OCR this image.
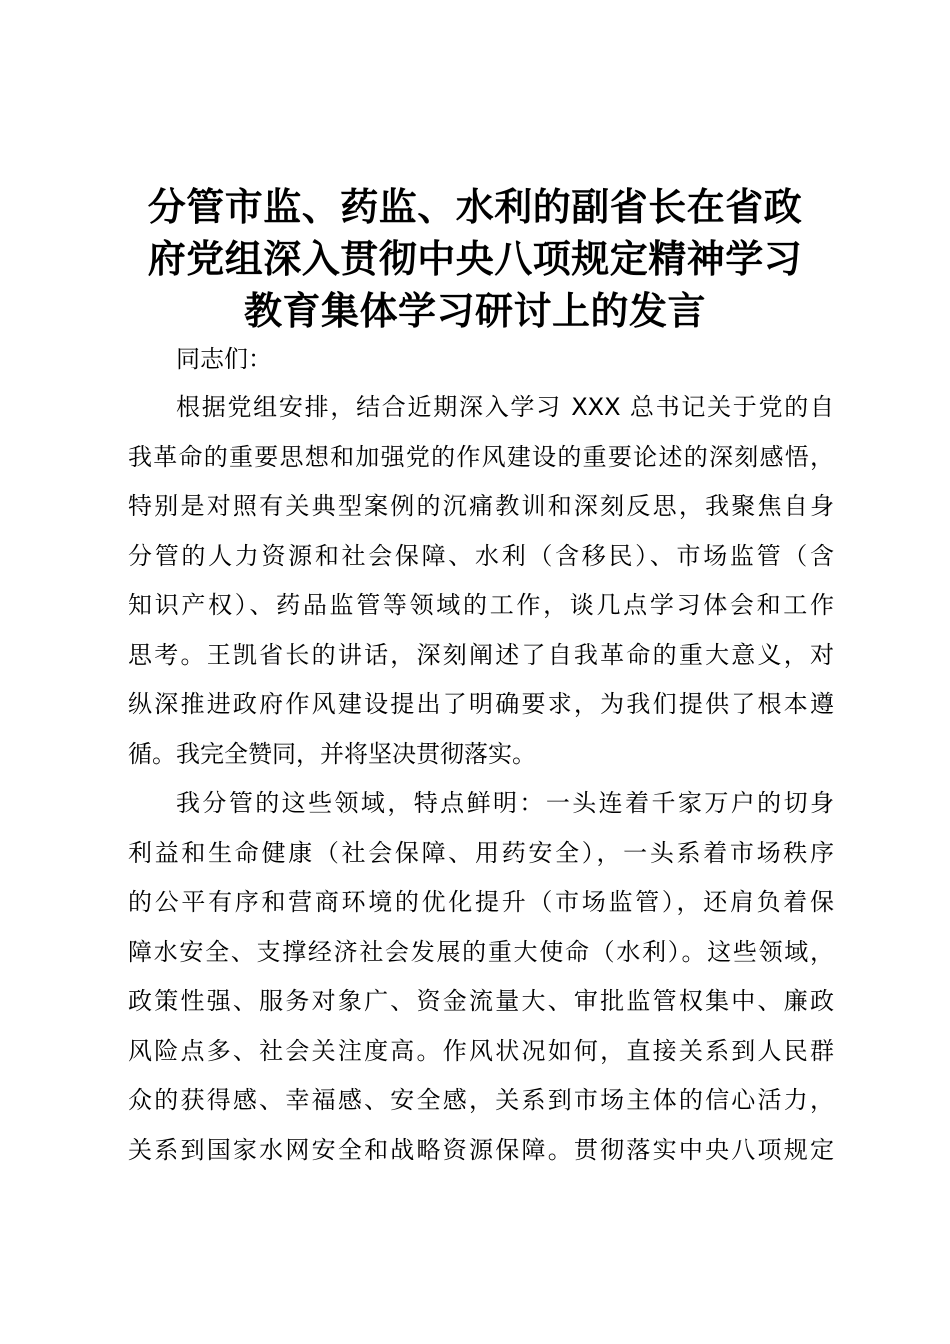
分管市监、药监、水利的副省长在省政
府党组深入贯彻中央八项规定精神学习
教育集体学习研讨上的发言
同志们：
根据党组安排，结合近期深入学习 XXX 总书记关于党的自
我革命的重要思想和加强党的作风建设的重要论述的深刻感悟，
特别是对照有关典型案例的沉痛教训和深刻反思，我聚焦自身
分管的人力资源和社会保障、水利（含移民）、市场监管（含
知识产权）、药品监管等领域的工作，谈几点学习体会和工作
思考。王凯省长的讲话，深刻阐述了自我革命的重大意义，对
纵深推进政府作风建设提出了明确要求，为我们提供了根本遵
循。我完全赞同，并将坚决贯彻落实。
我分管的这些领域，特点鲜明：一头连着千家万户的切身
利益和生命健康（社会保障、用药安全），一头系着市场秩序
的公平有序和营商环境的优化提升（市场监管），还肩负着保
障水安全、支撑经济社会发展的重大使命（水利）。这些领域，
政策性强、服务对象广、资金流量大、审批监管权集中、廉政
风险点多、社会关注度高。作风状况如何，直接关系到人民群
众的获得感、幸福感、安全感，关系到市场主体的信心活力，
关系到国家水网安全和战略资源保障。贯彻落实中央八项规定
